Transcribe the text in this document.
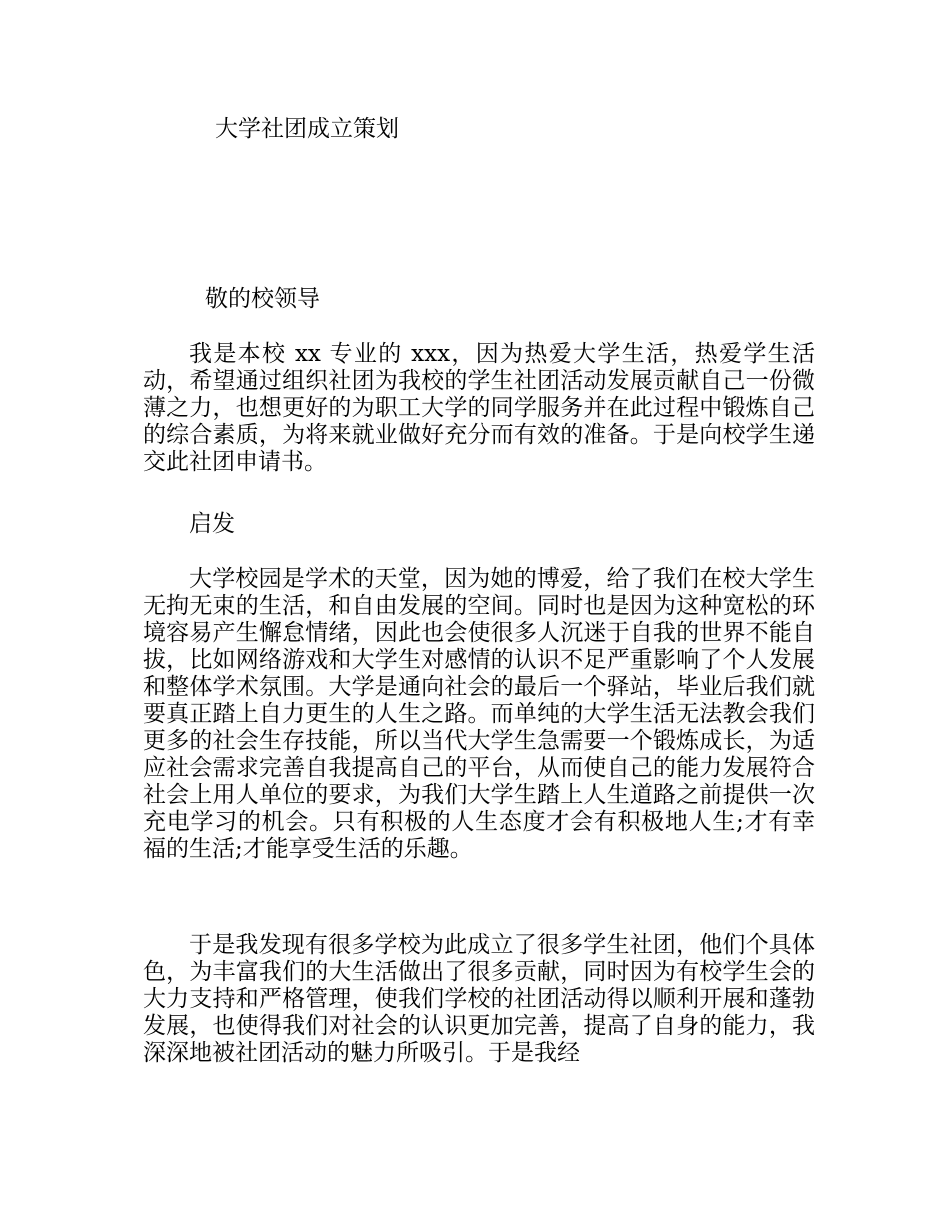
大学社团成立策划

敬的校领导

我是本校 xx 专业的 xxx，因为热爱大学生活，热爱学生活动，希望通过组织社团为我校的学生社团活动发展贡献自己一份微薄之力，也想更好的为职工大学的同学服务并在此过程中锻炼自己的综合素质，为将来就业做好充分而有效的准备。于是向校学生递交此社团申请书。

启发

大学校园是学术的天堂，因为她的博爱，给了我们在校大学生无拘无束的生活，和自由发展的空间。同时也是因为这种宽松的环境容易产生懈怠情绪，因此也会使很多人沉迷于自我的世界不能自拔，比如网络游戏和大学生对感情的认识不足严重影响了个人发展和整体学术氛围。大学是通向社会的最后一个驿站，毕业后我们就要真正踏上自力更生的人生之路。而单纯的大学生活无法教会我们更多的社会生存技能，所以当代大学生急需要一个锻炼成长，为适应社会需求完善自我提高自己的平台，从而使自己的能力发展符合社会上用人单位的要求，为我们大学生踏上人生道路之前提供一次充电学习的机会。只有积极的人生态度才会有积极地人生;才有幸福的生活;才能享受生活的乐趣。

于是我发现有很多学校为此成立了很多学生社团，他们个具体色，为丰富我们的大生活做出了很多贡献，同时因为有校学生会的大力支持和严格管理，使我们学校的社团活动得以顺利开展和蓬勃发展，也使得我们对社会的认识更加完善，提高了自身的能力，我深深地被社团活动的魅力所吸引。于是我经
